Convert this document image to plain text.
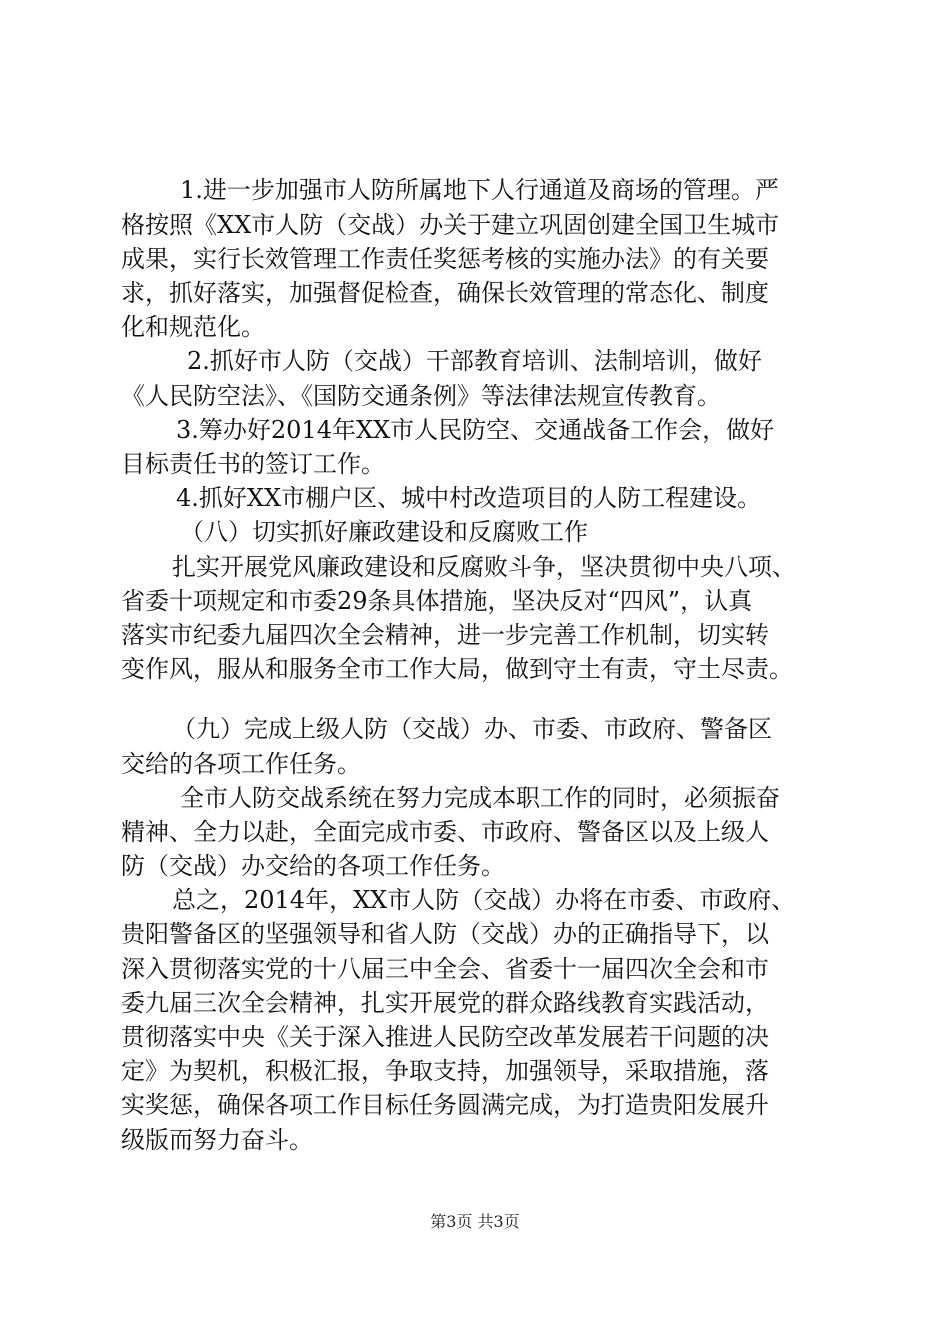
1.进一步加强市人防所属地下人行通道及商场的管理。严

格按照《XX市人防（交战）办关于建立巩固创建全国卫生城市

成果，实行长效管理工作责任奖惩考核的实施办法》的有关要

求，抓好落实，加强督促检查，确保长效管理的常态化、制度

化和规范化。

2.抓好市人防（交战）干部教育培训、法制培训，做好

《人民防空法》、《国防交通条例》等法律法规宣传教育。

3.筹办好2014年XX市人民防空、交通战备工作会，做好

目标责任书的签订工作。

4.抓好XX市棚户区、城中村改造项目的人防工程建设。

（八）切实抓好廉政建设和反腐败工作

扎实开展党风廉政建设和反腐败斗争，坚决贯彻中央八项、

省委十项规定和市委29条具体措施，坚决反对“四风”，认真

落实市纪委九届四次全会精神，进一步完善工作机制，切实转

变作风，服从和服务全市工作大局，做到守土有责，守土尽责。

（九）完成上级人防（交战）办、市委、市政府、警备区

交给的各项工作任务。

全市人防交战系统在努力完成本职工作的同时，必须振奋

精神、全力以赴，全面完成市委、市政府、警备区以及上级人

防（交战）办交给的各项工作任务。

总之，2014年，XX市人防（交战）办将在市委、市政府、

贵阳警备区的坚强领导和省人防（交战）办的正确指导下，以

深入贯彻落实党的十八届三中全会、省委十一届四次全会和市

委九届三次全会精神，扎实开展党的群众路线教育实践活动，

贯彻落实中央《关于深入推进人民防空改革发展若干问题的决

定》为契机，积极汇报，争取支持，加强领导，采取措施，落

实奖惩，确保各项工作目标任务圆满完成，为打造贵阳发展升

级版而努力奋斗。

第3页 共3页
